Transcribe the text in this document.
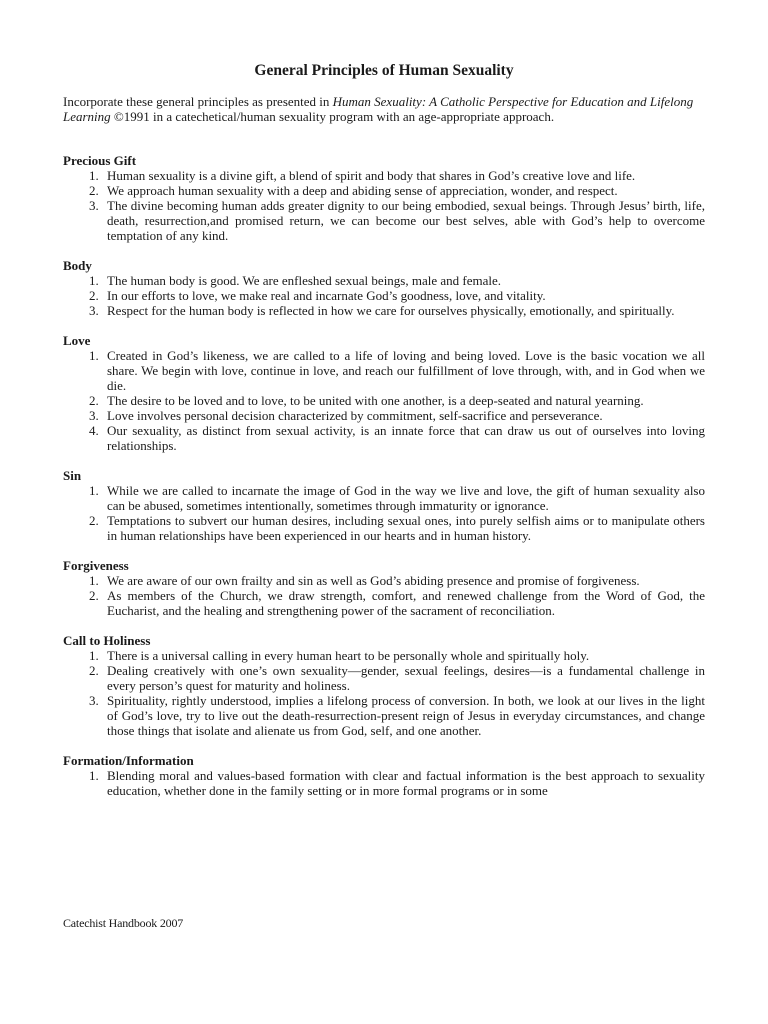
General Principles of Human Sexuality
Incorporate these general principles as presented in Human Sexuality: A Catholic Perspective for Education and Lifelong Learning ©1991 in a catechetical/human sexuality program with an age-appropriate approach.
Precious Gift
1. Human sexuality is a divine gift, a blend of spirit and body that shares in God’s creative love and life.
2. We approach human sexuality with a deep and abiding sense of appreciation, wonder, and respect.
3. The divine becoming human adds greater dignity to our being embodied, sexual beings. Through Jesus’ birth, life, death, resurrection,and promised return, we can become our best selves, able with God’s help to overcome temptation of any kind.
Body
1. The human body is good. We are enfleshed sexual beings, male and female.
2. In our efforts to love, we make real and incarnate God’s goodness, love, and vitality.
3. Respect for the human body is reflected in how we care for ourselves physically, emotionally, and spiritually.
Love
1. Created in God’s likeness, we are called to a life of loving and being loved. Love is the basic vocation we all share. We begin with love, continue in love, and reach our fulfillment of love through, with, and in God when we die.
2. The desire to be loved and to love, to be united with one another, is a deep-seated and natural yearning.
3. Love involves personal decision characterized by commitment, self-sacrifice and perseverance.
4. Our sexuality, as distinct from sexual activity, is an innate force that can draw us out of ourselves into loving relationships.
Sin
1. While we are called to incarnate the image of God in the way we live and love, the gift of human sexuality also can be abused, sometimes intentionally, sometimes through immaturity or ignorance.
2. Temptations to subvert our human desires, including sexual ones, into purely selfish aims or to manipulate others in human relationships have been experienced in our hearts and in human history.
Forgiveness
1. We are aware of our own frailty and sin as well as God’s abiding presence and promise of forgiveness.
2. As members of the Church, we draw strength, comfort, and renewed challenge from the Word of God, the Eucharist, and the healing and strengthening power of the sacrament of reconciliation.
Call to Holiness
1. There is a universal calling in every human heart to be personally whole and spiritually holy.
2. Dealing creatively with one’s own sexuality—gender, sexual feelings, desires—is a fundamental challenge in every person’s quest for maturity and holiness.
3. Spirituality, rightly understood, implies a lifelong process of conversion. In both, we look at our lives in the light of God’s love, try to live out the death-resurrection-present reign of Jesus in everyday circumstances, and change those things that isolate and alienate us from God, self, and one another.
Formation/Information
1. Blending moral and values-based formation with clear and factual information is the best approach to sexuality education, whether done in the family setting or in more formal programs or in some
Catechist Handbook 2007
